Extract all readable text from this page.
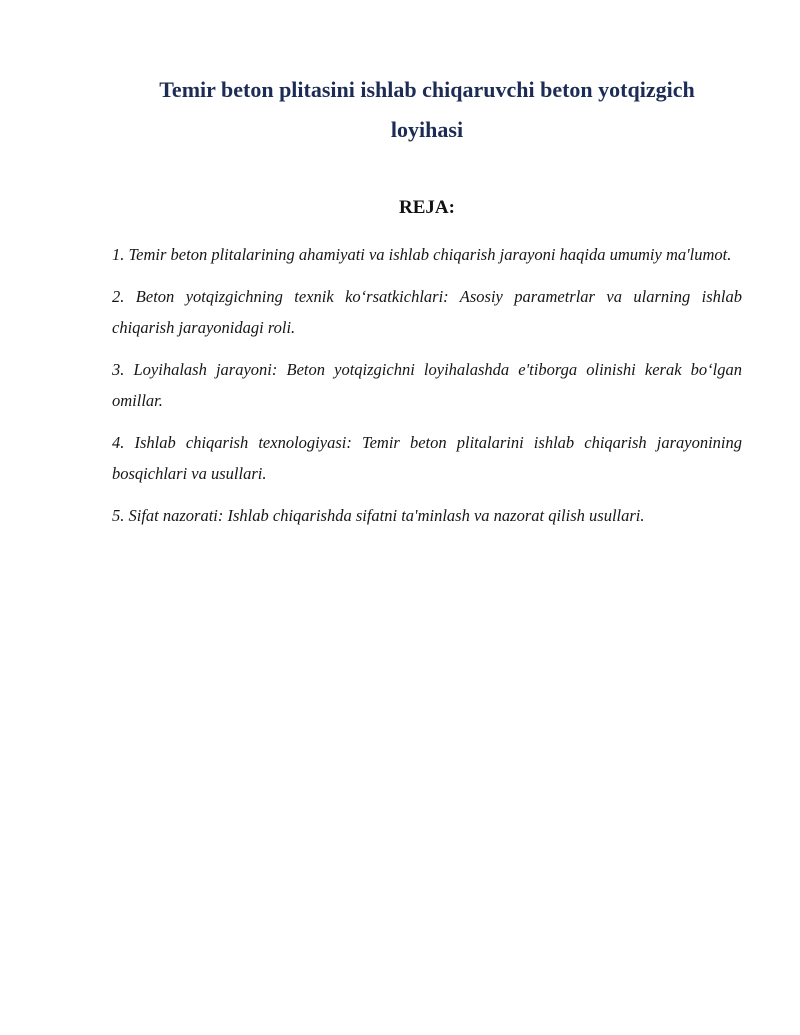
Temir beton plitasini ishlab chiqaruvchi beton yotqizgich
loyihasi
REJA:
1. Temir beton plitalarining ahamiyati va ishlab chiqarish jarayoni haqida umumiy ma'lumot.
2. Beton yotqizgichning texnik ko‘rsatkichlari: Asosiy parametrlar va ularning ishlab chiqarish jarayonidagi roli.
3. Loyihalash jarayoni: Beton yotqizgichni loyihalashda e'tiborga olinishi kerak bo‘lgan omillar.
4. Ishlab chiqarish texnologiyasi: Temir beton plitalarini ishlab chiqarish jarayonining bosqichlari va usullari.
5. Sifat nazorati: Ishlab chiqarishda sifatni ta'minlash va nazorat qilish usullari.
